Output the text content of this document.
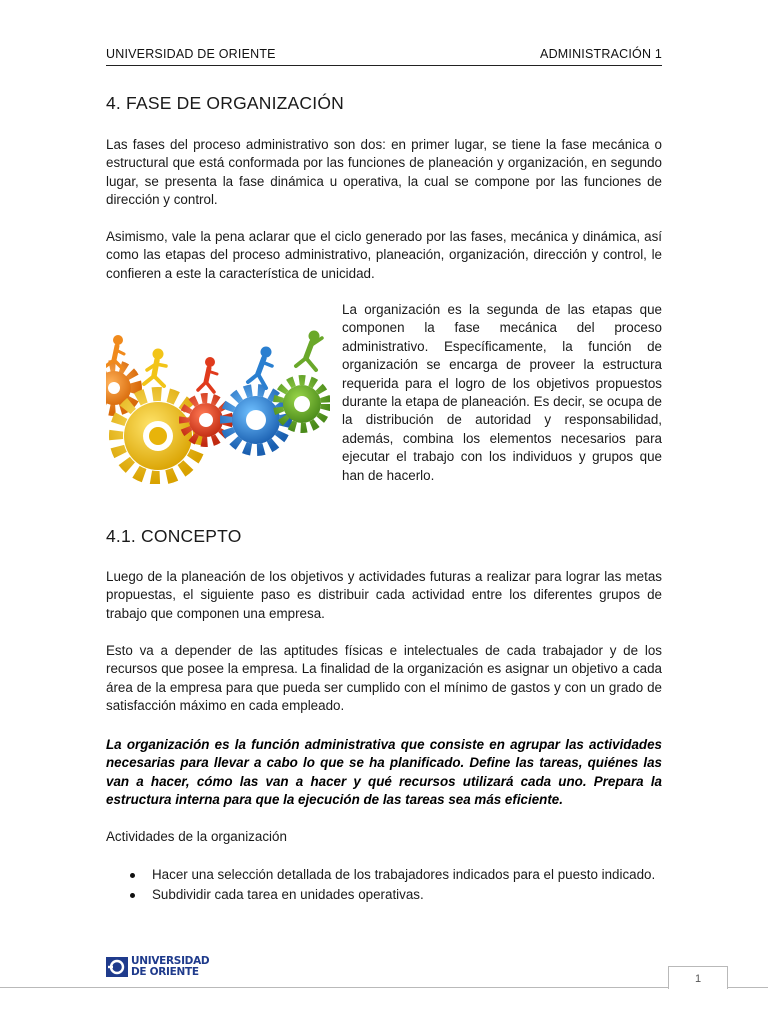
UNIVERSIDAD DE ORIENTE	ADMINISTRACIÓN 1
4. FASE DE ORGANIZACIÓN

Las fases del proceso administrativo son dos: en primer lugar, se tiene la fase mecánica o estructural que está conformada por las funciones de planeación y organización, en segundo lugar, se presenta la fase dinámica u operativa, la cual se compone por las funciones de dirección y control.

Asimismo, vale la pena aclarar que el ciclo generado por las fases, mecánica y dinámica, así como las etapas del proceso administrativo, planeación, organización, dirección y control, le confieren a este la característica de unicidad.

La organización es la segunda de las etapas que componen la fase mecánica del proceso administrativo. Específicamente, la función de organización se encarga de proveer la estructura requerida para el logro de los objetivos propuestos durante la etapa de planeación. Es decir, se ocupa de la distribución de autoridad y responsabilidad, además, combina los elementos necesarios para ejecutar el trabajo con los individuos y grupos que han de hacerlo.

4.1. CONCEPTO

Luego de la planeación de los objetivos y actividades futuras a realizar para lograr las metas propuestas, el siguiente paso es distribuir cada actividad entre los diferentes grupos de trabajo que componen una empresa.

Esto va a depender de las aptitudes físicas e intelectuales de cada trabajador y de los recursos que posee la empresa. La finalidad de la organización es asignar un objetivo a cada área de la empresa para que pueda ser cumplido con el mínimo de gastos y con un grado de satisfacción máximo en cada empleado.

La organización es la función administrativa que consiste en agrupar las actividades necesarias para llevar a cabo lo que se ha planificado. Define las tareas, quiénes las van a hacer, cómo las van a hacer y qué recursos utilizará cada uno. Prepara la estructura interna para que la ejecución de las tareas sea más eficiente.

Actividades de la organización

Hacer una selección detallada de los trabajadores indicados para el puesto indicado.
Subdividir cada tarea en unidades operativas.
UNIVERSIDAD
DE ORIENTE
1
